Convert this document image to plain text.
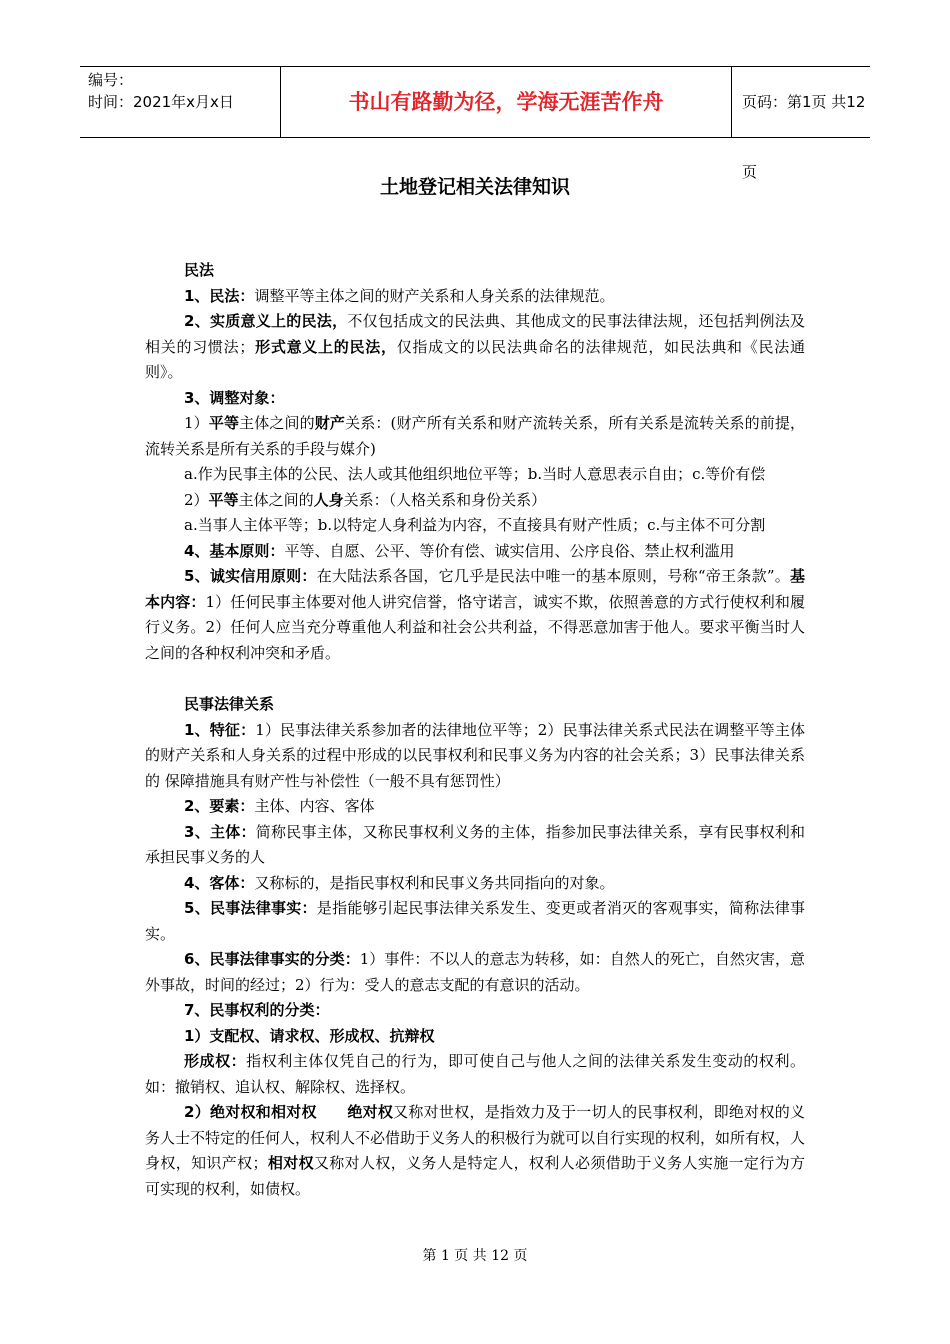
编号：
时间：2021年x月x日	书山有路勤为径，学海无涯苦作舟	页码：第1页 共12页
土地登记相关法律知识

民法

1、民法：调整平等主体之间的财产关系和人身关系的法律规范。

2、实质意义上的民法，不仅包括成文的民法典、其他成文的民事法律法规，还包括判例法及相关的习惯法；形式意义上的民法，仅指成文的以民法典命名的法律规范，如民法典和《民法通则》。

3、调整对象：

1）平等主体之间的财产关系：(财产所有关系和财产流转关系，所有关系是流转关系的前提，流转关系是所有关系的手段与媒介)

a.作为民事主体的公民、法人或其他组织地位平等；b.当时人意思表示自由；c.等价有偿

2）平等主体之间的人身关系：（人格关系和身份关系）

a.当事人主体平等；b.以特定人身利益为内容，不直接具有财产性质；c.与主体不可分割

4、基本原则：平等、自愿、公平、等价有偿、诚实信用、公序良俗、禁止权利滥用

5、诚实信用原则：在大陆法系各国，它几乎是民法中唯一的基本原则，号称“帝王条款”。基本内容：1）任何民事主体要对他人讲究信誉，恪守诺言，诚实不欺，依照善意的方式行使权利和履行义务。2）任何人应当充分尊重他人利益和社会公共利益，不得恶意加害于他人。要求平衡当时人之间的各种权利冲突和矛盾。

民事法律关系

1、特征：1）民事法律关系参加者的法律地位平等；2）民事法律关系式民法在调整平等主体的财产关系和人身关系的过程中形成的以民事权利和民事义务为内容的社会关系；3）民事法律关系的 保障措施具有财产性与补偿性（一般不具有惩罚性）

2、要素：主体、内容、客体

3、主体：简称民事主体，又称民事权利义务的主体，指参加民事法律关系，享有民事权利和承担民事义务的人

4、客体：又称标的，是指民事权利和民事义务共同指向的对象。

5、民事法律事实：是指能够引起民事法律关系发生、变更或者消灭的客观事实，简称法律事实。

6、民事法律事实的分类：1）事件：不以人的意志为转移，如：自然人的死亡，自然灾害，意外事故，时间的经过；2）行为：受人的意志支配的有意识的活动。

7、民事权利的分类：

1）支配权、请求权、形成权、抗辩权

形成权：指权利主体仅凭自己的行为，即可使自己与他人之间的法律关系发生变动的权利。如：撤销权、追认权、解除权、选择权。

2）绝对权和相对权　　 绝对权又称对世权，是指效力及于一切人的民事权利，即绝对权的义务人士不特定的任何人，权利人不必借助于义务人的积极行为就可以自行实现的权利，如所有权，人身权，知识产权；相对权又称对人权，义务人是特定人，权利人必须借助于义务人实施一定行为方可实现的权利，如债权。

第 1 页 共 12 页
